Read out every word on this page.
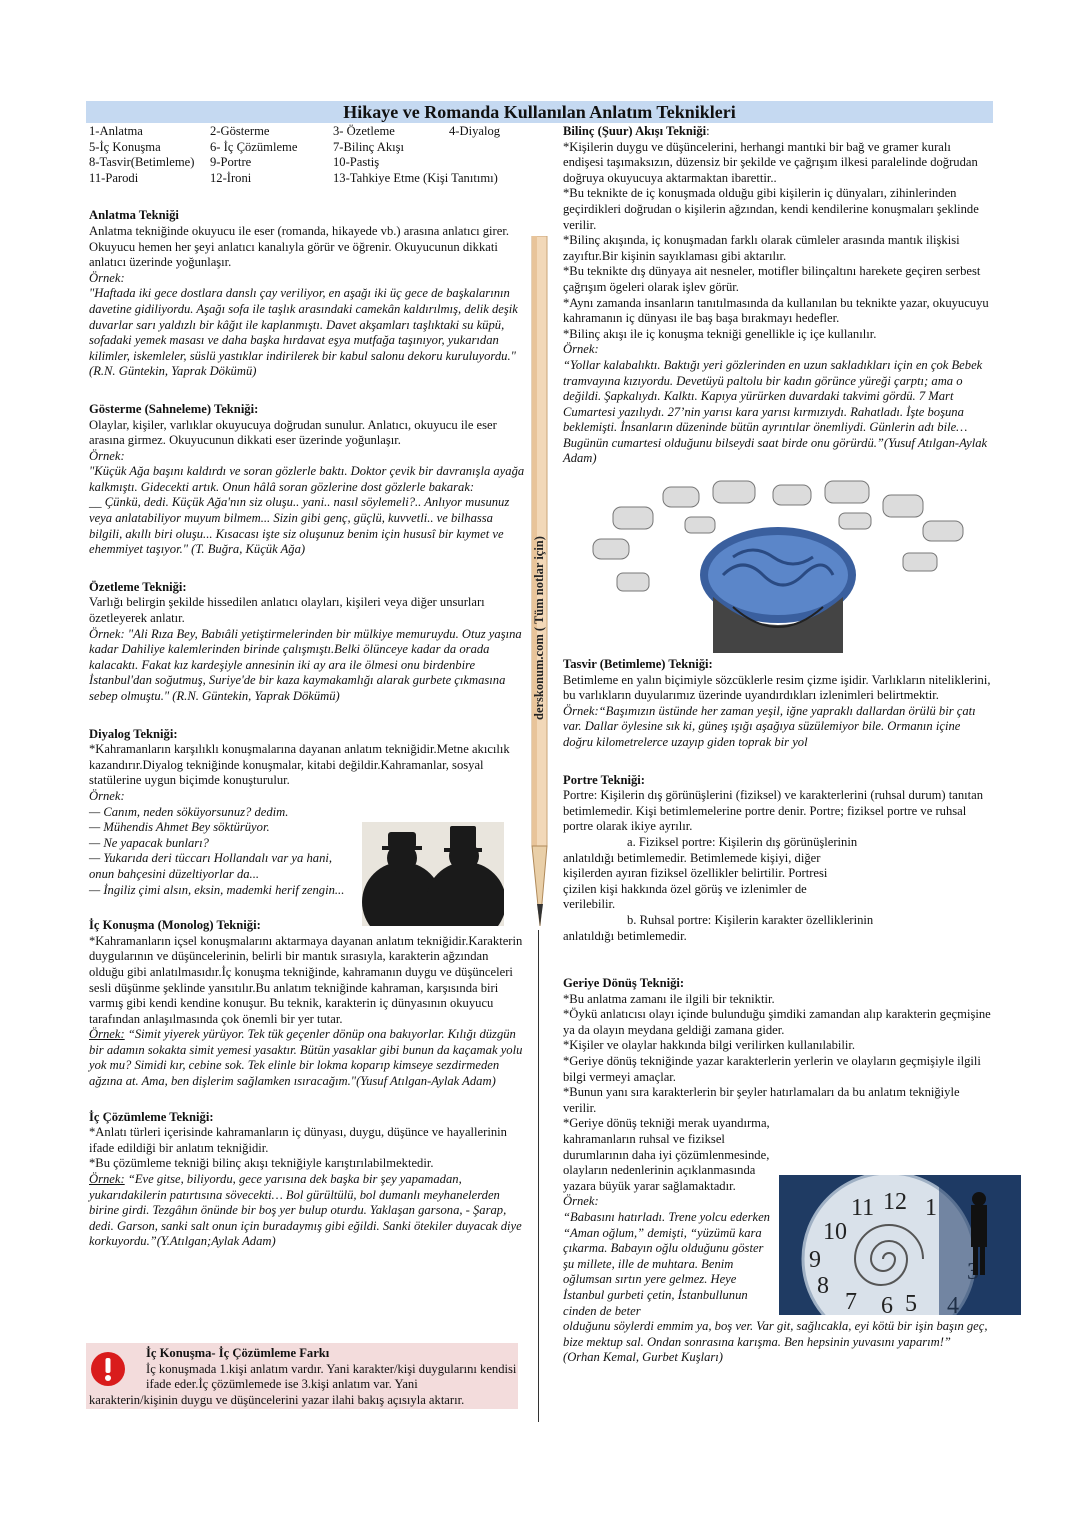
Hikaye ve Romanda Kullanılan Anlatım Teknikleri
1-Anlatma	2-Gösterme	3- Özetleme	4-Diyalog
5-İç Konuşma	6- İç Çözümleme	7-Bilinç Akışı	
8-Tasvir(Betimleme)	9-Portre	10-Pastiş	
11-Parodi	12-İroni	13-Tahkiye Etme (Kişi Tanıtımı)	

Anlatma Tekniği

Anlatma tekniğinde okuyucu ile eser (romanda, hikayede vb.) arasına anlatıcı girer. Okuyucu hemen her şeyi anlatıcı kanalıyla görür ve öğrenir. Okuyucunun dikkati anlatıcı üzerinde yoğunlaşır.

Örnek:

"Haftada iki gece dostlara danslı çay veriliyor, en aşağı iki üç gece de başkalarının davetine gidiliyordu. Aşağı sofa ile taşlık arasındaki camekân kaldırılmış, delik deşik duvarlar sarı yaldızlı bir kâğıt ile kaplanmıştı. Davet akşamları taşlıktaki su küpü, sofadaki yemek masası ve daha başka hırdavat eşya mutfağa taşınıyor, yukarıdan kilimler, iskemleler, süslü yastıklar indirilerek bir kabul salonu dekoru kuruluyordu." (R.N. Güntekin, Yaprak Dökümü)

Gösterme (Sahneleme) Tekniği:

Olaylar, kişiler, varlıklar okuyucuya doğrudan sunulur. Anlatıcı, okuyucu ile eser arasına girmez. Okuyucunun dikkati eser üzerinde yoğunlaşır.

Örnek:

"Küçük Ağa başını kaldırdı ve soran gözlerle baktı. Doktor çevik bir davranışla ayağa kalkmıştı. Gidecekti artık. Onun hâlâ soran gözlerine dost gözlerle bakarak:

__ Çünkü, dedi. Küçük Ağa'nın siz oluşu.. yani.. nasıl söylemeli?.. Anlıyor musunuz veya anlatabiliyor muyum bilmem... Sizin gibi genç, güçlü, kuvvetli.. ve bilhassa bilgili, akıllı biri oluşu... Kısacası işte siz oluşunuz benim için hususî bir kıymet ve ehemmiyet taşıyor." (T. Buğra, Küçük Ağa)

Özetleme Tekniği:

Varlığı belirgin şekilde hissedilen anlatıcı olayları, kişileri veya diğer unsurları özetleyerek anlatır.

Örnek: "Ali Rıza Bey, Babıâli yetiştirmelerinden bir mülkiye memuruydu. Otuz yaşına kadar Dahiliye kalemlerinden birinde çalışmıştı.Belki ölünceye kadar da orada kalacaktı. Fakat kız kardeşiyle annesinin iki ay ara ile ölmesi onu birdenbire İstanbul'dan soğutmuş, Suriye'de bir kaza kaymakamlığı alarak gurbete çıkmasına sebep olmuştu." (R.N. Güntekin, Yaprak Dökümü)

Diyalog Tekniği:

*Kahramanların karşılıklı konuşmalarına dayanan anlatım tekniğidir.Metne akıcılık kazandırır.Diyalog tekniğinde konuşmalar, kitabi değildir.Kahramanlar, sosyal statülerine uygun biçimde konuşturulur.

Örnek:

— Canım, neden söküyorsunuz? dedim.

— Mühendis Ahmet Bey söktürüyor.

— Ne yapacak bunları?

— Yukarıda deri tüccarı Hollandalı var ya hani, onun bahçesini düzeltiyorlar da...

— İngiliz çimi alsın, eksin, mademki herif zengin...

İç Konuşma (Monolog) Tekniği:

*Kahramanların içsel konuşmalarını aktarmaya dayanan anlatım tekniğidir.Karakterin duygularının ve düşüncelerinin, belirli bir mantık sırasıyla, karakterin ağzından olduğu gibi anlatılmasıdır.İç konuşma tekniğinde, kahramanın duygu ve düşünceleri sesli düşünme şeklinde yansıtılır.Bu anlatım tekniğinde kahraman, karşısında biri varmış gibi kendi kendine konuşur. Bu teknik, karakterin iç dünyasının okuyucu tarafından anlaşılmasında çok önemli bir yer tutar.

Örnek: “Simit yiyerek yürüyor. Tek tük geçenler dönüp ona bakıyorlar. Kılığı düzgün bir adamın sokakta simit yemesi yasaktır. Bütün yasaklar gibi bunun da kaçamak yolu yok mu? Simidi kır, cebine sok. Tek elinle bir lokma koparıp kimseye sezdirmeden ağzına at. Ama, ben dişlerim sağlamken ısıracağım."(Yusuf Atılgan-Aylak Adam)

İç Çözümleme Tekniği:

*Anlatı türleri içerisinde kahramanların iç dünyası, duygu, düşünce ve hayallerinin ifade edildiği bir anlatım tekniğidir.

*Bu çözümleme tekniği bilinç akışı tekniğiyle karıştırılabilmektedir.

Örnek: “Eve gitse, biliyordu, gece yarısına dek başka bir şey yapamadan, yukarıdakilerin patırtısına sövecekti… Bol gürültülü, bol dumanlı meyhanelerden birine girdi. Tezgâhın önünde bir boş yer bulup oturdu. Yaklaşan garsona, - Şarap, dedi. Garson, sanki salt onun için buradaymış gibi eğildi. Sanki ötekiler duyacak diye korkuyordu.”(Y.Atılgan;Aylak Adam)

derskonum.com ( Tüm notlar için)

Bilinç (Şuur) Akışı Tekniği:

*Kişilerin duygu ve düşüncelerini, herhangi mantıki bir bağ ve gramer kuralı endişesi taşımaksızın, düzensiz bir şekilde ve çağrışım ilkesi paralelinde doğrudan doğruya okuyucuya aktarmaktan ibarettir..

*Bu teknikte de iç konuşmada olduğu gibi kişilerin iç dünyaları, zihinlerinden geçirdikleri doğrudan o kişilerin ağzından, kendi kendilerine konuşmaları şeklinde verilir.

*Bilinç akışında, iç konuşmadan farklı olarak cümleler arasında mantık ilişkisi zayıftır.Bir kişinin sayıklaması gibi aktarılır.

*Bu teknikte dış dünyaya ait nesneler, motifler bilinçaltını harekete geçiren serbest çağrışım ögeleri olarak işlev görür.

*Aynı zamanda insanların tanıtılmasında da kullanılan bu teknikte yazar, okuyucuyu kahramanın iç dünyası ile baş başa bırakmayı hedefler.

*Bilinç akışı ile iç konuşma tekniği genellikle iç içe kullanılır.

Örnek:

“Yollar kalabalıktı. Baktığı yeri gözlerinden en uzun sakladıkları için en çok Bebek tramvayına kızıyordu. Devetüyü paltolu bir kadın görünce yüreği çarptı; ama o değildi. Şapkalıydı. Kalktı. Kapıya yürürken duvardaki takvimi gördü. 7 Mart Cumartesi yazılıydı. 27’nin yarısı kara yarısı kırmızıydı. Rahatladı. İşte boşuna beklemişti. İnsanların düzeninde bütün ayrıntılar önemliydi. Günlerin adı bile… Bugünün cumartesi olduğunu bilseydi saat birde onu görürdü.”(Yusuf Atılgan-Aylak Adam)

Tasvir (Betimleme) Tekniği:

Betimleme en yalın biçimiyle sözcüklerle resim çizme işidir. Varlıkların niteliklerini, bu varlıkların duyularımız üzerinde uyandırdıkları izlenimleri belirtmektir.

Örnek:“Başımızın üstünde her zaman yeşil, iğne yapraklı dallardan örülü bir çatı var. Dallar öylesine sık ki, güneş ışığı aşağıya süzülemiyor bile. Ormanın içine doğru kilometrelerce uzayıp giden toprak bir yol

Portre Tekniği:

Portre: Kişilerin dış görünüşlerini (fiziksel) ve karakterlerini (ruhsal durum) tanıtan betimlemedir. Kişi betimlemelerine portre denir. Portre; fiziksel portre ve ruhsal portre olarak ikiye ayrılır.

a. Fiziksel portre: Kişilerin dış görünüşlerinin

anlatıldığı betimlemedir. Betimlemede kişiyi, diğer kişilerden ayıran fiziksel özellikler belirtilir. Portresi çizilen kişi hakkında özel görüş ve izlenimler de verilebilir.

b. Ruhsal portre: Kişilerin karakter özelliklerinin

anlatıldığı betimlemedir.

Geriye Dönüş Tekniği:

*Bu anlatma zamanı ile ilgili bir tekniktir.

*Öykü anlatıcısı olayı içinde bulunduğu şimdiki zamandan alıp karakterin geçmişine ya da olayın meydana geldiği zamana gider.

*Kişiler ve olaylar hakkında bilgi verilirken kullanılabilir.

*Geriye dönüş tekniğinde yazar karakterlerin yerlerin ve olayların geçmişiyle ilgili bilgi vermeyi amaçlar.

*Bunun yanı sıra karakterlerin bir şeyler hatırlamaları da bu anlatım tekniğiyle verilir.

*Geriye dönüş tekniği merak uyandırma, kahramanların ruhsal ve fiziksel durumlarının daha iyi çözümlenmesinde, olayların nedenlerinin açıklanmasında yazara büyük yarar sağlamaktadır.

Örnek:

“Babasını hatırladı. Trene yolcu ederken “Aman oğlum,” demişti, “yüzümü kara çıkarma. Babayın oğlu olduğunu göster şu millete, ille de muhtara. Benim oğlumsan sırtın yere gelmez. Heye İstanbul gurbeti çetin, İstanbullunun cinden de beter

olduğunu söylerdi emmim ya, boş ver. Var git, sağlıcakla, eyi kötü bir işin başın geç, bize mektup sal. Ondan sonrasına karışma. Ben hepsinin yuvasını yaparım!”

(Orhan Kemal, Gurbet Kuşları)

11 12 1
10
9
8
7 6 5

İç Konuşma- İç Çözümleme Farkı

İç konuşmada 1.kişi anlatım vardır. Yani karakter/kişi duygularını kendisi ifade eder.İç çözümlemede ise 3.kişi anlatım var. Yani

karakterin/kişinin duygu ve düşüncelerini yazar ilahi bakış açısıyla aktarır.
